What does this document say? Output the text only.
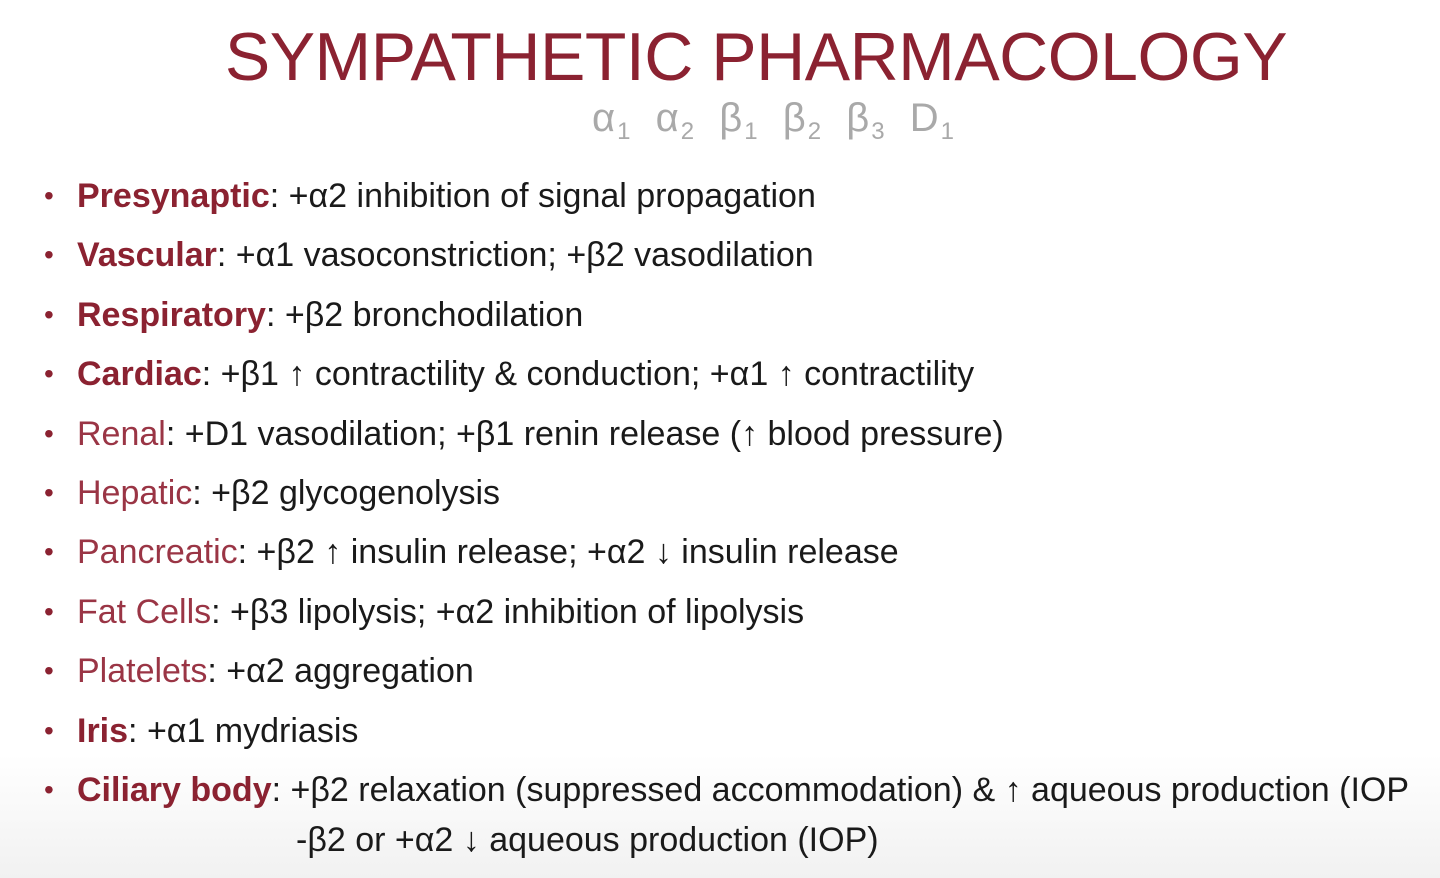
SYMPATHETIC PHARMACOLOGY
$\alpha_1$ $\alpha_2$ $\beta_1$ $\beta_2$ $\beta_3$ $D_1$
• Presynaptic: +α2 inhibition of signal propagation
• Vascular: +α1 vasoconstriction; +β2 vasodilation
• Respiratory: +β2 bronchodilation
• Cardiac: +β1 ↑ contractility & conduction; +α1 ↑ contractility
• Renal: +D1 vasodilation; +β1 renin release (↑ blood pressure)
• Hepatic: +β2 glycogenolysis
• Pancreatic: +β2 ↑ insulin release; +α2 ↓ insulin release
• Fat Cells: +β3 lipolysis; +α2 inhibition of lipolysis
• Platelets: +α2 aggregation
• Iris: +α1 mydriasis
• Ciliary body: +β2 relaxation (suppressed accommodation) & ↑ aqueous production (IOP
-β2 or +α2 ↓ aqueous production (IOP)
